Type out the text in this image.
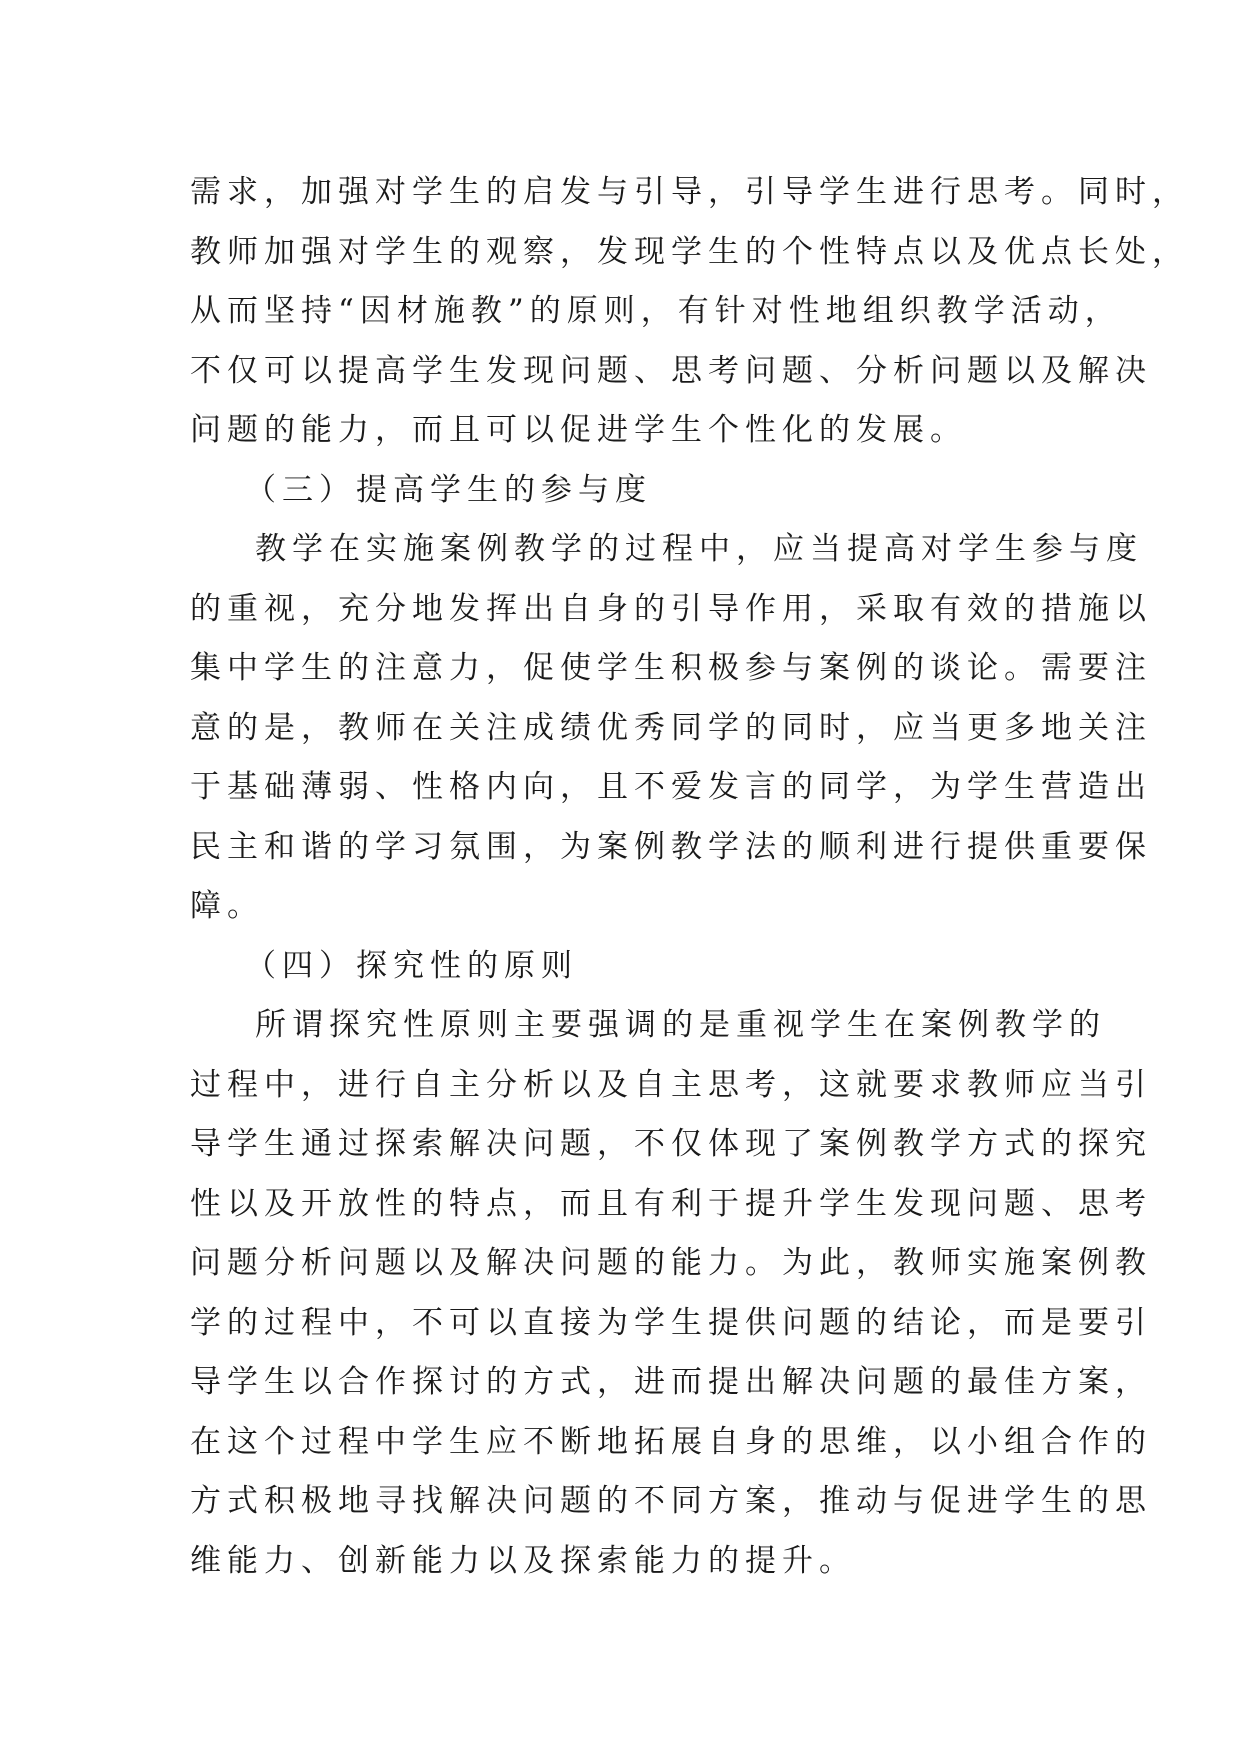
需求，加强对学生的启发与引导，引导学生进行思考。同时，
教师加强对学生的观察，发现学生的个性特点以及优点长处，
从而坚持“因材施教”的原则，有针对性地组织教学活动，
不仅可以提高学生发现问题、思考问题、分析问题以及解决
问题的能力，而且可以促进学生个性化的发展。
（三）提高学生的参与度
教学在实施案例教学的过程中，应当提高对学生参与度
的重视，充分地发挥出自身的引导作用，采取有效的措施以
集中学生的注意力，促使学生积极参与案例的谈论。需要注
意的是，教师在关注成绩优秀同学的同时，应当更多地关注
于基础薄弱、性格内向，且不爱发言的同学，为学生营造出
民主和谐的学习氛围，为案例教学法的顺利进行提供重要保
障。
（四）探究性的原则
所谓探究性原则主要强调的是重视学生在案例教学的
过程中，进行自主分析以及自主思考，这就要求教师应当引
导学生通过探索解决问题，不仅体现了案例教学方式的探究
性以及开放性的特点，而且有利于提升学生发现问题、思考
问题分析问题以及解决问题的能力。为此，教师实施案例教
学的过程中，不可以直接为学生提供问题的结论，而是要引
导学生以合作探讨的方式，进而提出解决问题的最佳方案，
在这个过程中学生应不断地拓展自身的思维，以小组合作的
方式积极地寻找解决问题的不同方案，推动与促进学生的思
维能力、创新能力以及探索能力的提升。
